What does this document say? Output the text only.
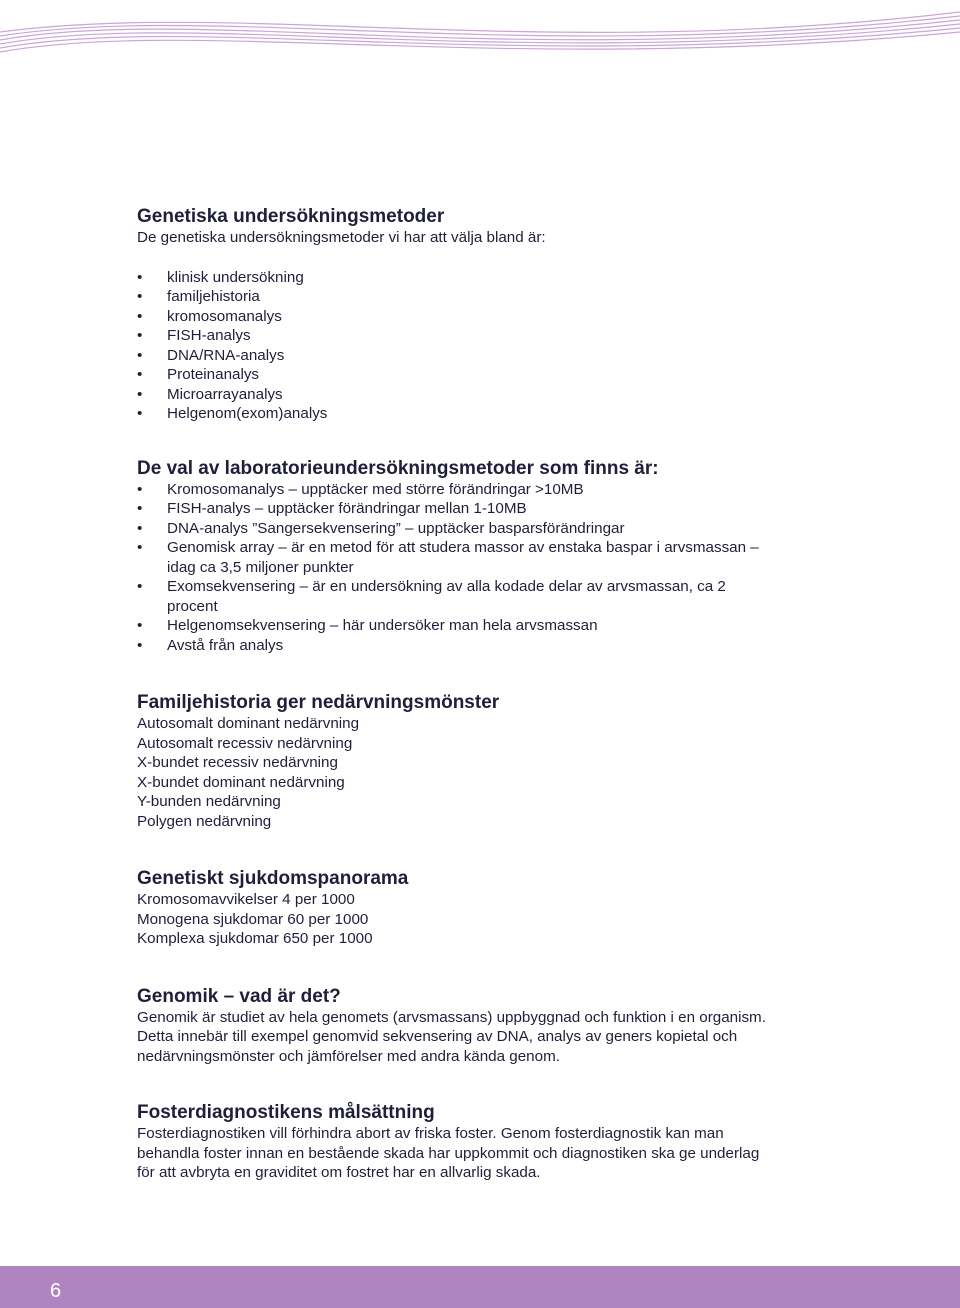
Genetiska undersökningsmetoder

De genetiska undersökningsmetoder vi har att välja bland är:

• klinisk undersökning
• familjehistoria
• kromosomanalys
• FISH-analys
• DNA/RNA-analys
• Proteinanalys
• Microarrayanalys
• Helgenom(exom)analys
De val av laboratorieundersökningsmetoder som finns är:
• Kromosomanalys – upptäcker med större förändringar >10MB
• FISH-analys – upptäcker förändringar mellan 1-10MB
• DNA-analys ”Sangersekvensering” – upptäcker basparsförändringar
• Genomisk array – är en metod för att studera massor av enstaka baspar i arvsmassan – idag ca 3,5 miljoner punkter
• Exomsekvensering – är en undersökning av alla kodade delar av arvsmassan, ca 2 procent
• Helgenomsekvensering – här undersöker man hela arvsmassan
• Avstå från analys
Familjehistoria ger nedärvningsmönster
Autosomalt dominant nedärvning
Autosomalt recessiv nedärvning
X-bundet recessiv nedärvning
X-bundet dominant nedärvning
Y-bunden nedärvning
Polygen nedärvning
Genetiskt sjukdomspanorama
Kromosomavvikelser 4 per 1000
Monogena sjukdomar 60 per 1000
Komplexa sjukdomar 650 per 1000
Genomik – vad är det?

Genomik är studiet av hela genomets (arvsmassans) uppbyggnad och funktion i en organism. Detta innebär till exempel genomvid sekvensering av DNA, analys av geners kopietal och nedärvningsmönster och jämförelser med andra kända genom.

Fosterdiagnostikens målsättning

Fosterdiagnostiken vill förhindra abort av friska foster. Genom fosterdiagnostik kan man behandla foster innan en bestående skada har uppkommit och diagnostiken ska ge underlag för att avbryta en graviditet om fostret har en allvarlig skada.

6
